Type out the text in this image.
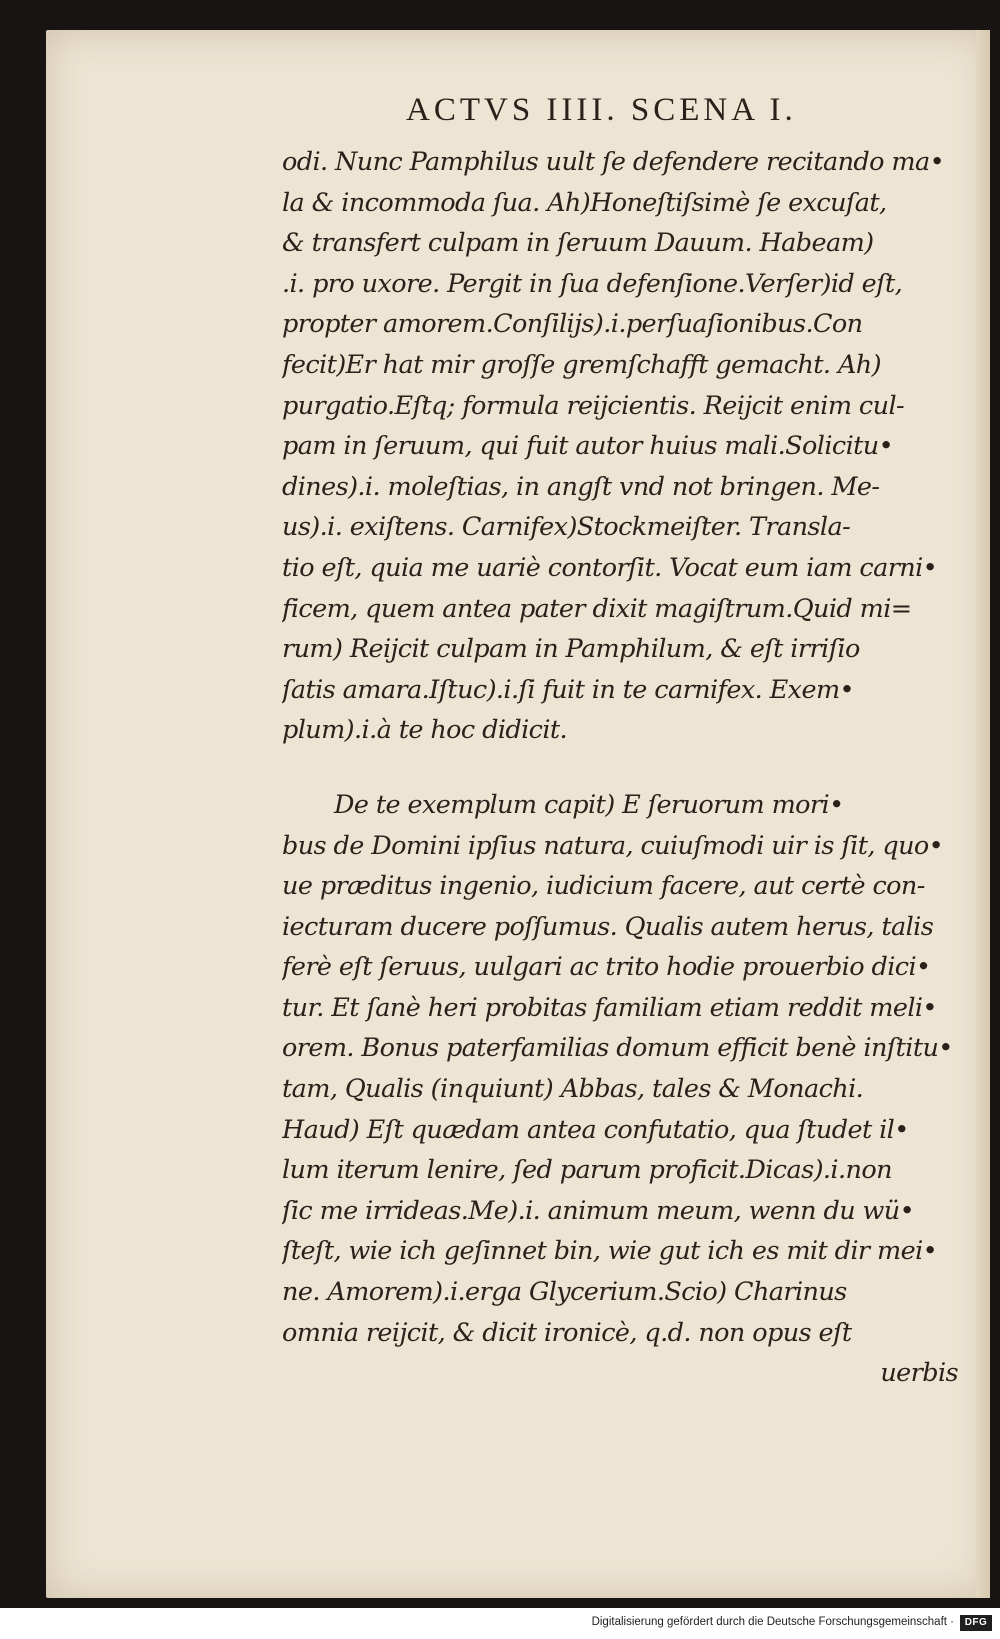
ACTVS IIII. SCENA I.
odi. Nunc Pamphilus uult ſe defendere recitando ma•
la & incommoda ſua. Ah)Honeſtiſsimè ſe excuſat,
& transfert culpam in ſeruum Dauum. Habeam)
.i. pro uxore. Pergit in ſua defenſione.Verſer)id eſt,
propter amorem.Conſilijs).i.perſuaſionibus.Con
fecit)Er hat mir groſſe gremſchafft gemacht. Ah)
purgatio.Eſtq; formula reijcientis. Reijcit enim cul-
pam in ſeruum, qui fuit autor huius mali.Solicitu•
dines).i. moleſtias, in angſt vnd not bringen. Me-
us).i. exiſtens. Carnifex)Stockmeiſter. Transla-
tio eſt, quia me uariè contorſit. Vocat eum iam carni•
ficem, quem antea pater dixit magiſtrum.Quid mi=
rum) Reijcit culpam in Pamphilum, & eſt irriſio
ſatis amara.Iſtuc).i.ſi fuit in te carnifex. Exem•
plum).i.à te hoc didicit.
De te exemplum capit) E ſeruorum mori•
bus de Domini ipſius natura, cuiuſmodi uir is ſit, quo•
ue præditus ingenio, iudicium facere, aut certè con-
iecturam ducere poſſumus. Qualis autem herus, talis
ferè eſt ſeruus, uulgari ac trito hodie prouerbio dici•
tur. Et ſanè heri probitas familiam etiam reddit meli•
orem. Bonus paterfamilias domum efficit benè inſtitu•
tam, Qualis (inquiunt) Abbas, tales & Monachi.
Haud) Eſt quædam antea confutatio, qua ſtudet il•
lum iterum lenire, ſed parum proficit.Dicas).i.non
ſic me irrideas.Me).i. animum meum, wenn du wü•
ſteſt, wie ich geſinnet bin, wie gut ich es mit dir mei•
ne. Amorem).i.erga Glycerium.Scio) Charinus
omnia reijcit, & dicit ironicè, q.d. non opus eſt
uerbis
Digitalisierung gefördert durch die Deutsche Forschungsgemeinschaft ·	DFG
